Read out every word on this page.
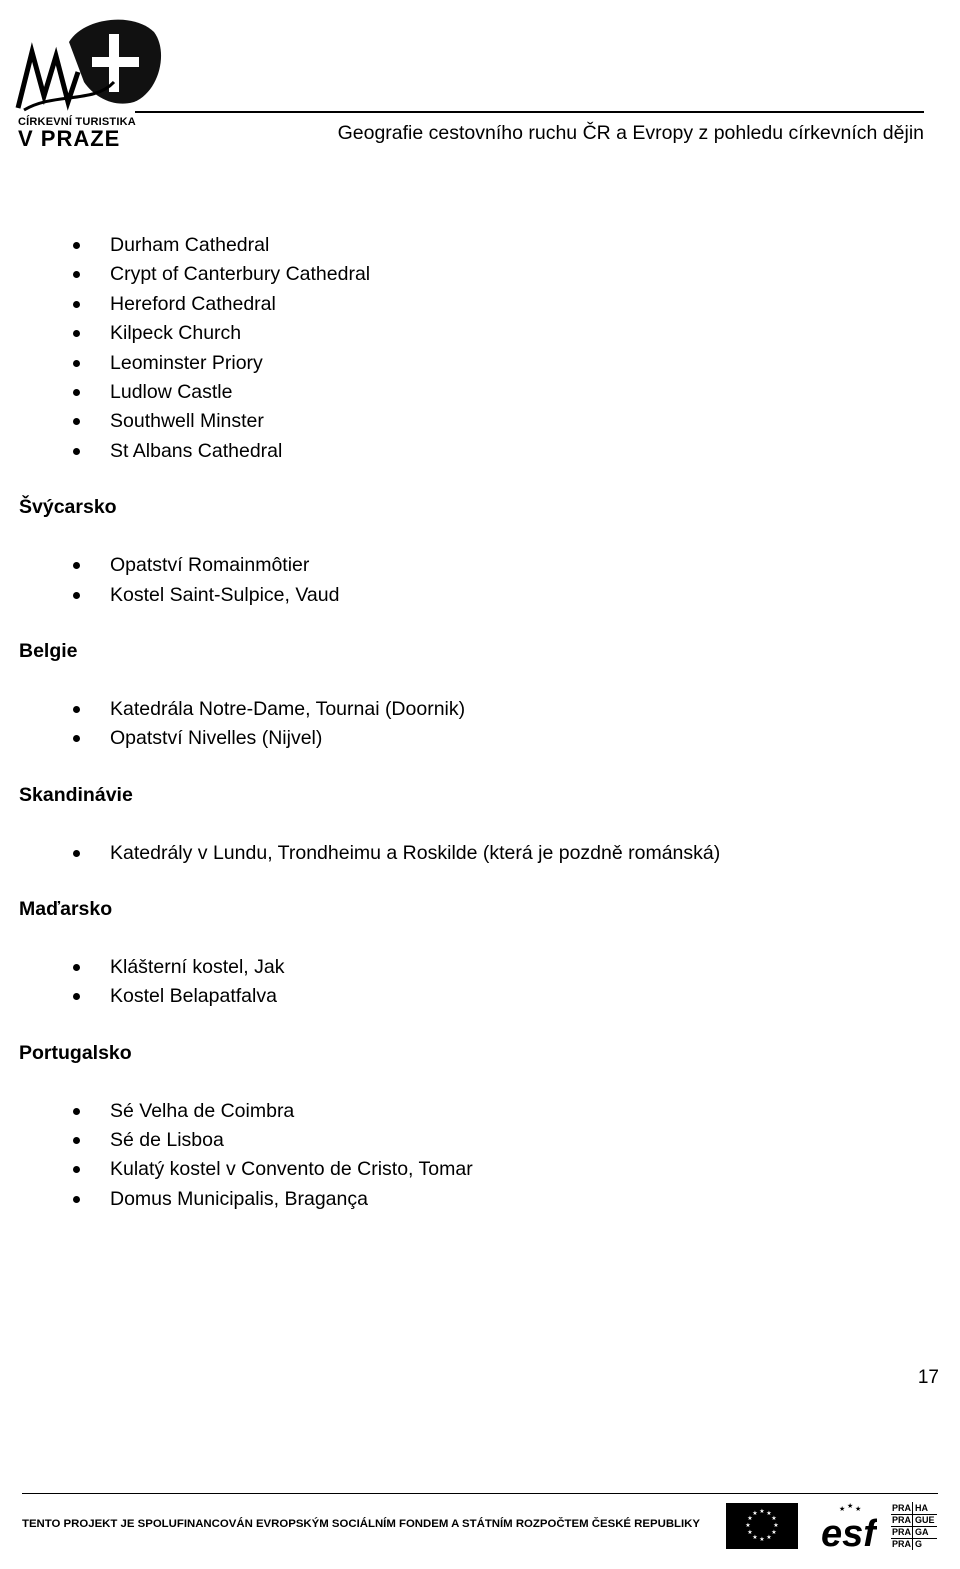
CÍRKEVNÍ TURISTIKA
V PRAZE	Geografie cestovního ruchu ČR a Evropy z pohledu církevních dějin
Durham Cathedral
Crypt of Canterbury Cathedral
Hereford Cathedral
Kilpeck Church
Leominster Priory
Ludlow Castle
Southwell Minster
St Albans Cathedral
Švýcarsko
Opatství Romainmôtier
Kostel Saint-Sulpice, Vaud
Belgie
Katedrála Notre-Dame, Tournai (Doornik)
Opatství Nivelles (Nijvel)
Skandinávie
Katedrály v Lundu, Trondheimu a Roskilde (která je pozdně románská)
Maďarsko
Klášterní kostel, Jak
Kostel Belapatfalva
Portugalsko
Sé Velha de Coimbra
Sé de Lisboa
Kulatý kostel v Convento de Cristo, Tomar
Domus Municipalis, Bragança
17
TENTO PROJEKT JE SPOLUFINANCOVÁN EVROPSKÝM SOCIÁLNÍM FONDEM A STÁTNÍM ROZPOČTEM ČESKÉ REPUBLIKY
★ ★
★
★
★
★
★
★
★
★
★
★ esf
★ ★ ★	PRA HA
PRA GUE
PRA GA
PRA G
